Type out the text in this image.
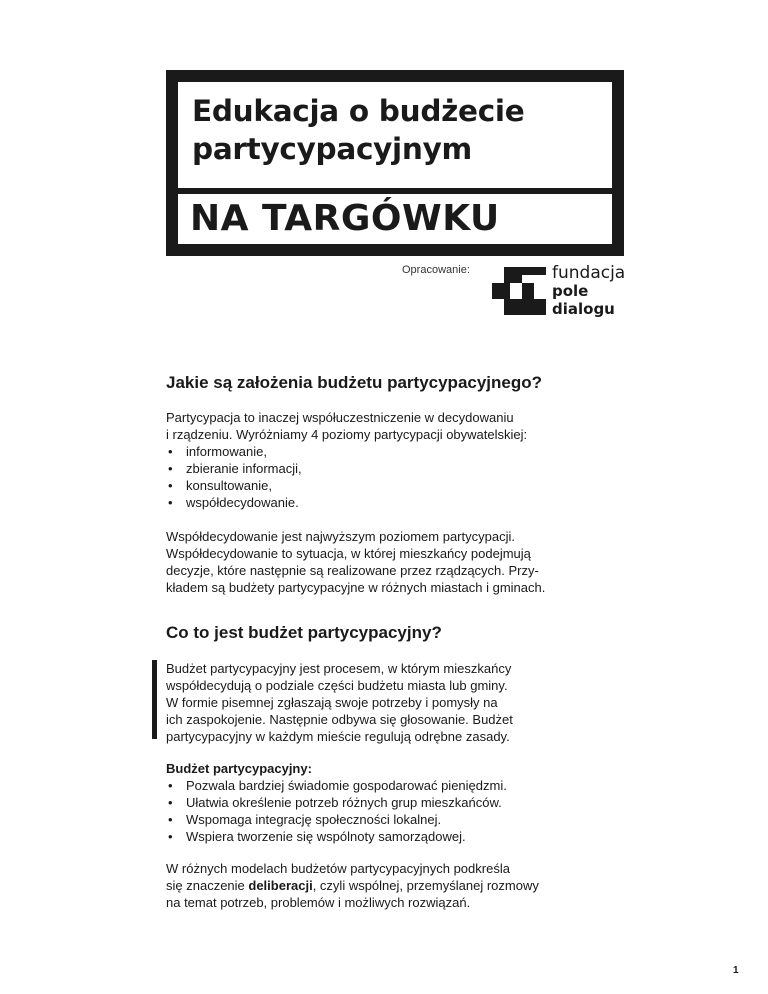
Edukacja o budżecie
partycypacyjnym
NA TARGÓWKU
Opracowanie:	fundacja
pole
dialogu
Jakie są założenia budżetu partycypacyjnego?
Partycypacja to inaczej współuczestniczenie w decydowaniu
i rządzeniu. Wyróżniamy 4 poziomy partycypacji obywatelskiej:
• informowanie,
• zbieranie informacji,
• konsultowanie,
• współdecydowanie.
Współdecydowanie jest najwyższym poziomem partycypacji.
Współdecydowanie to sytuacja, w której mieszkańcy podejmują
decyzje, które następnie są realizowane przez rządzących. Przy-
kładem są budżety partycypacyjne w różnych miastach i gminach.
Co to jest budżet partycypacyjny?
Budżet partycypacyjny jest procesem, w którym mieszkańcy
współdecydują o podziale części budżetu miasta lub gminy.
W formie pisemnej zgłaszają swoje potrzeby i pomysły na
ich zaspokojenie. Następnie odbywa się głosowanie. Budżet
partycypacyjny w każdym mieście regulują odrębne zasady.
Budżet partycypacyjny:
• Pozwala bardziej świadomie gospodarować pieniędzmi.
• Ułatwia określenie potrzeb różnych grup mieszkańców.
• Wspomaga integrację społeczności lokalnej.
• Wspiera tworzenie się wspólnoty samorządowej.
W różnych modelach budżetów partycypacyjnych podkreśla
się znaczenie deliberacji, czyli wspólnej, przemyślanej rozmowy
na temat potrzeb, problemów i możliwych rozwiązań.
1
